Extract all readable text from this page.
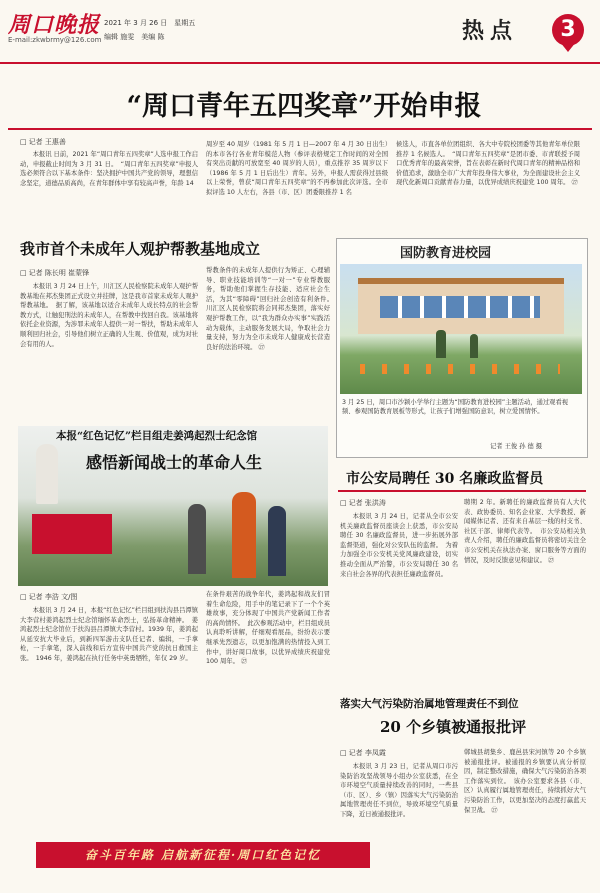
周口晚报
E-mail:zkwbrmy@126.com
2021 年 3 月 26 日　星期五
编辑 施雯　美编 陈	热点	3
“周口青年五四奖章”开始申报
□ 记者 王惠善
本报讯 日前，2021 年“周口青年五四奖章”人选申报工作启动，申报截止时间为 3 月 31 日。　“周口青年五四奖章”申报人选必须符合以下基本条件：坚决拥护中国共产党的领导，理想信念坚定，道德品质高尚，在青年群体中享有较高声誉，年龄 14
周岁至 40 周岁（1981 年 5 月 1 日—2007 年 4 月 30 日出生）的本市各行各业青年模范人物（参评表格规定工作时间的对全国有突出贡献的可放宽至 40 周岁的人员），重点推荐 35 周岁以下（1986 年 5 月 1 日后出生）青年。另外，申报人需获得过县级以上荣誉，曾获“周口青年五四奖章”的不再参加此次评选。全市拟评选 10 人左右，各县（市、区）团委限推荐 1 名
候选人，市直各单位团组织、各大中专院校团委等其他青年单位限推荐 1 名候选人。　“周口青年五四奖章”是团市委、市青联授予周口优秀青年的最高荣誉，旨在表彰在新时代周口青年的精神品格和价值追求，激励全市广大青年投身伟大事业，为全面建设社会主义现代化新周口贡献青春力量，以优异成绩庆祝建党 100 周年。 ㉗
我市首个未成年人观护帮教基地成立
□ 记者 陈长明 崔蒙锋
本报讯 3 月 24 日上午，川汇区人民检察院未成年人观护帮教基地在邦杰集团正式设立并挂牌，这是我市首家未成年人观护帮教基地。　据了解，该基地以适合未成年人成长特点的社会帮教方式，让触犯刑法的未成年人，在帮教中找回自我。该基地将依托企业资源，为涉罪未成年人提供一对一帮扶，帮助未成年人顺利回归社会，引导他们树立正确的人生观、价值观，成为对社会有用的人。
帮教条件的未成年人提供行为矫正、心理辅导、职业技能培训等“一对一”专业帮教服务，帮助他们掌握生存技能、适应社会生活，为其“零障碍”回归社会创造有利条件。　川汇区人民检察院将会同邦杰集团，落实好观护帮教工作，以“我为群众办实事”实践活动为载体，主动服务发展大局，争取社会力量支持，努力为全市未成年人健康成长营造良好的法治环境。 ㉗
国防教育进校园
3 月 25 日，周口市沙颍小学举行主题为“国防教育进校园”主题活动，通过观看视频、参观国防教育展板等形式，让孩子们增强国防意识，树立爱国情怀。
记者 王俊 孙 德 摄
本报“红色记忆”栏目组走姜鸿起烈士纪念馆
感悟新闻战士的革命人生
□ 记者 李浩 文/图
本报讯 3 月 24 日，本报“红色记忆”栏目组到扶沟县吕潭镇大李营村姜鸿起烈士纪念馆缅怀革命烈士，弘扬革命精神。　姜鸿起烈士纪念馆位于扶沟县吕潭镇大李营村。1939 年，姜鸿起从延安抗大毕业后，到新四军游击支队任记者、编辑，一手拿枪，一手拿笔，深入前线和后方宣传中国共产党的抗日救国主张。　1946 年，姜鸿起在执行任务中英勇牺牲，年仅 29 岁。
在条件艰苦的战争年代，姜鸿起和战友们冒着生命危险，用手中的笔记录下了一个个英雄故事，充分体现了中国共产党新闻工作者的高尚情怀。　此次参观活动中，栏目组成员认真聆听讲解，仔细观看展品，纷纷表示要继承先烈遗志，以更加饱满的热情投入到工作中，讲好周口故事，以优异成绩庆祝建党 100 周年。 ㉗
市公安局聘任 30 名廉政监督员
□ 记者 张洪涛
本报讯 3 月 24 日，记者从全市公安机关廉政监督员座谈会上获悉，市公安局聘任 30 名廉政监督员，进一步拓展外部监督渠道，强化对公安队伍的监督。　为着力加强全市公安机关党风廉政建设，切实推动全面从严治警，市公安局聘任 30 名来自社会各界的代表担任廉政监督员。
聘期 2 年。新聘任的廉政监督员有人大代表、政协委员、知名企业家、大学教授、新闻媒体记者、还有来自基层一线的村支书、社区干部、律师代表等。　市公安局相关负责人介绍，聘任的廉政监督员将密切关注全市公安机关在执法办案、窗口服务等方面的情况，及时反馈意见和建议。 ㉗
落实大气污染防治属地管理责任不到位
20 个乡镇被通报批评
□ 记者 李凤霞
本报讯 3 月 23 日，记者从周口市污染防治攻坚战领导小组办公室获悉，在全市环境空气质量持续改善的同时，一些县（市、区）、乡（镇）因落实大气污染防治属地管理责任不到位，导致环境空气质量下降，近日被通报批评。
郸城县胡集乡、鹿邑县宋河镇等 20 个乡镇被通报批评。被通报的乡镇要认真分析原因，制定整改措施，确保大气污染防治各项工作落实到位。　该办公室要求各县（市、区）认真履行属地管理责任，持续抓好大气污染防治工作，以更加坚决的态度打赢蓝天保卫战。 ㉗
奋斗百年路 启航新征程·周口红色记忆
